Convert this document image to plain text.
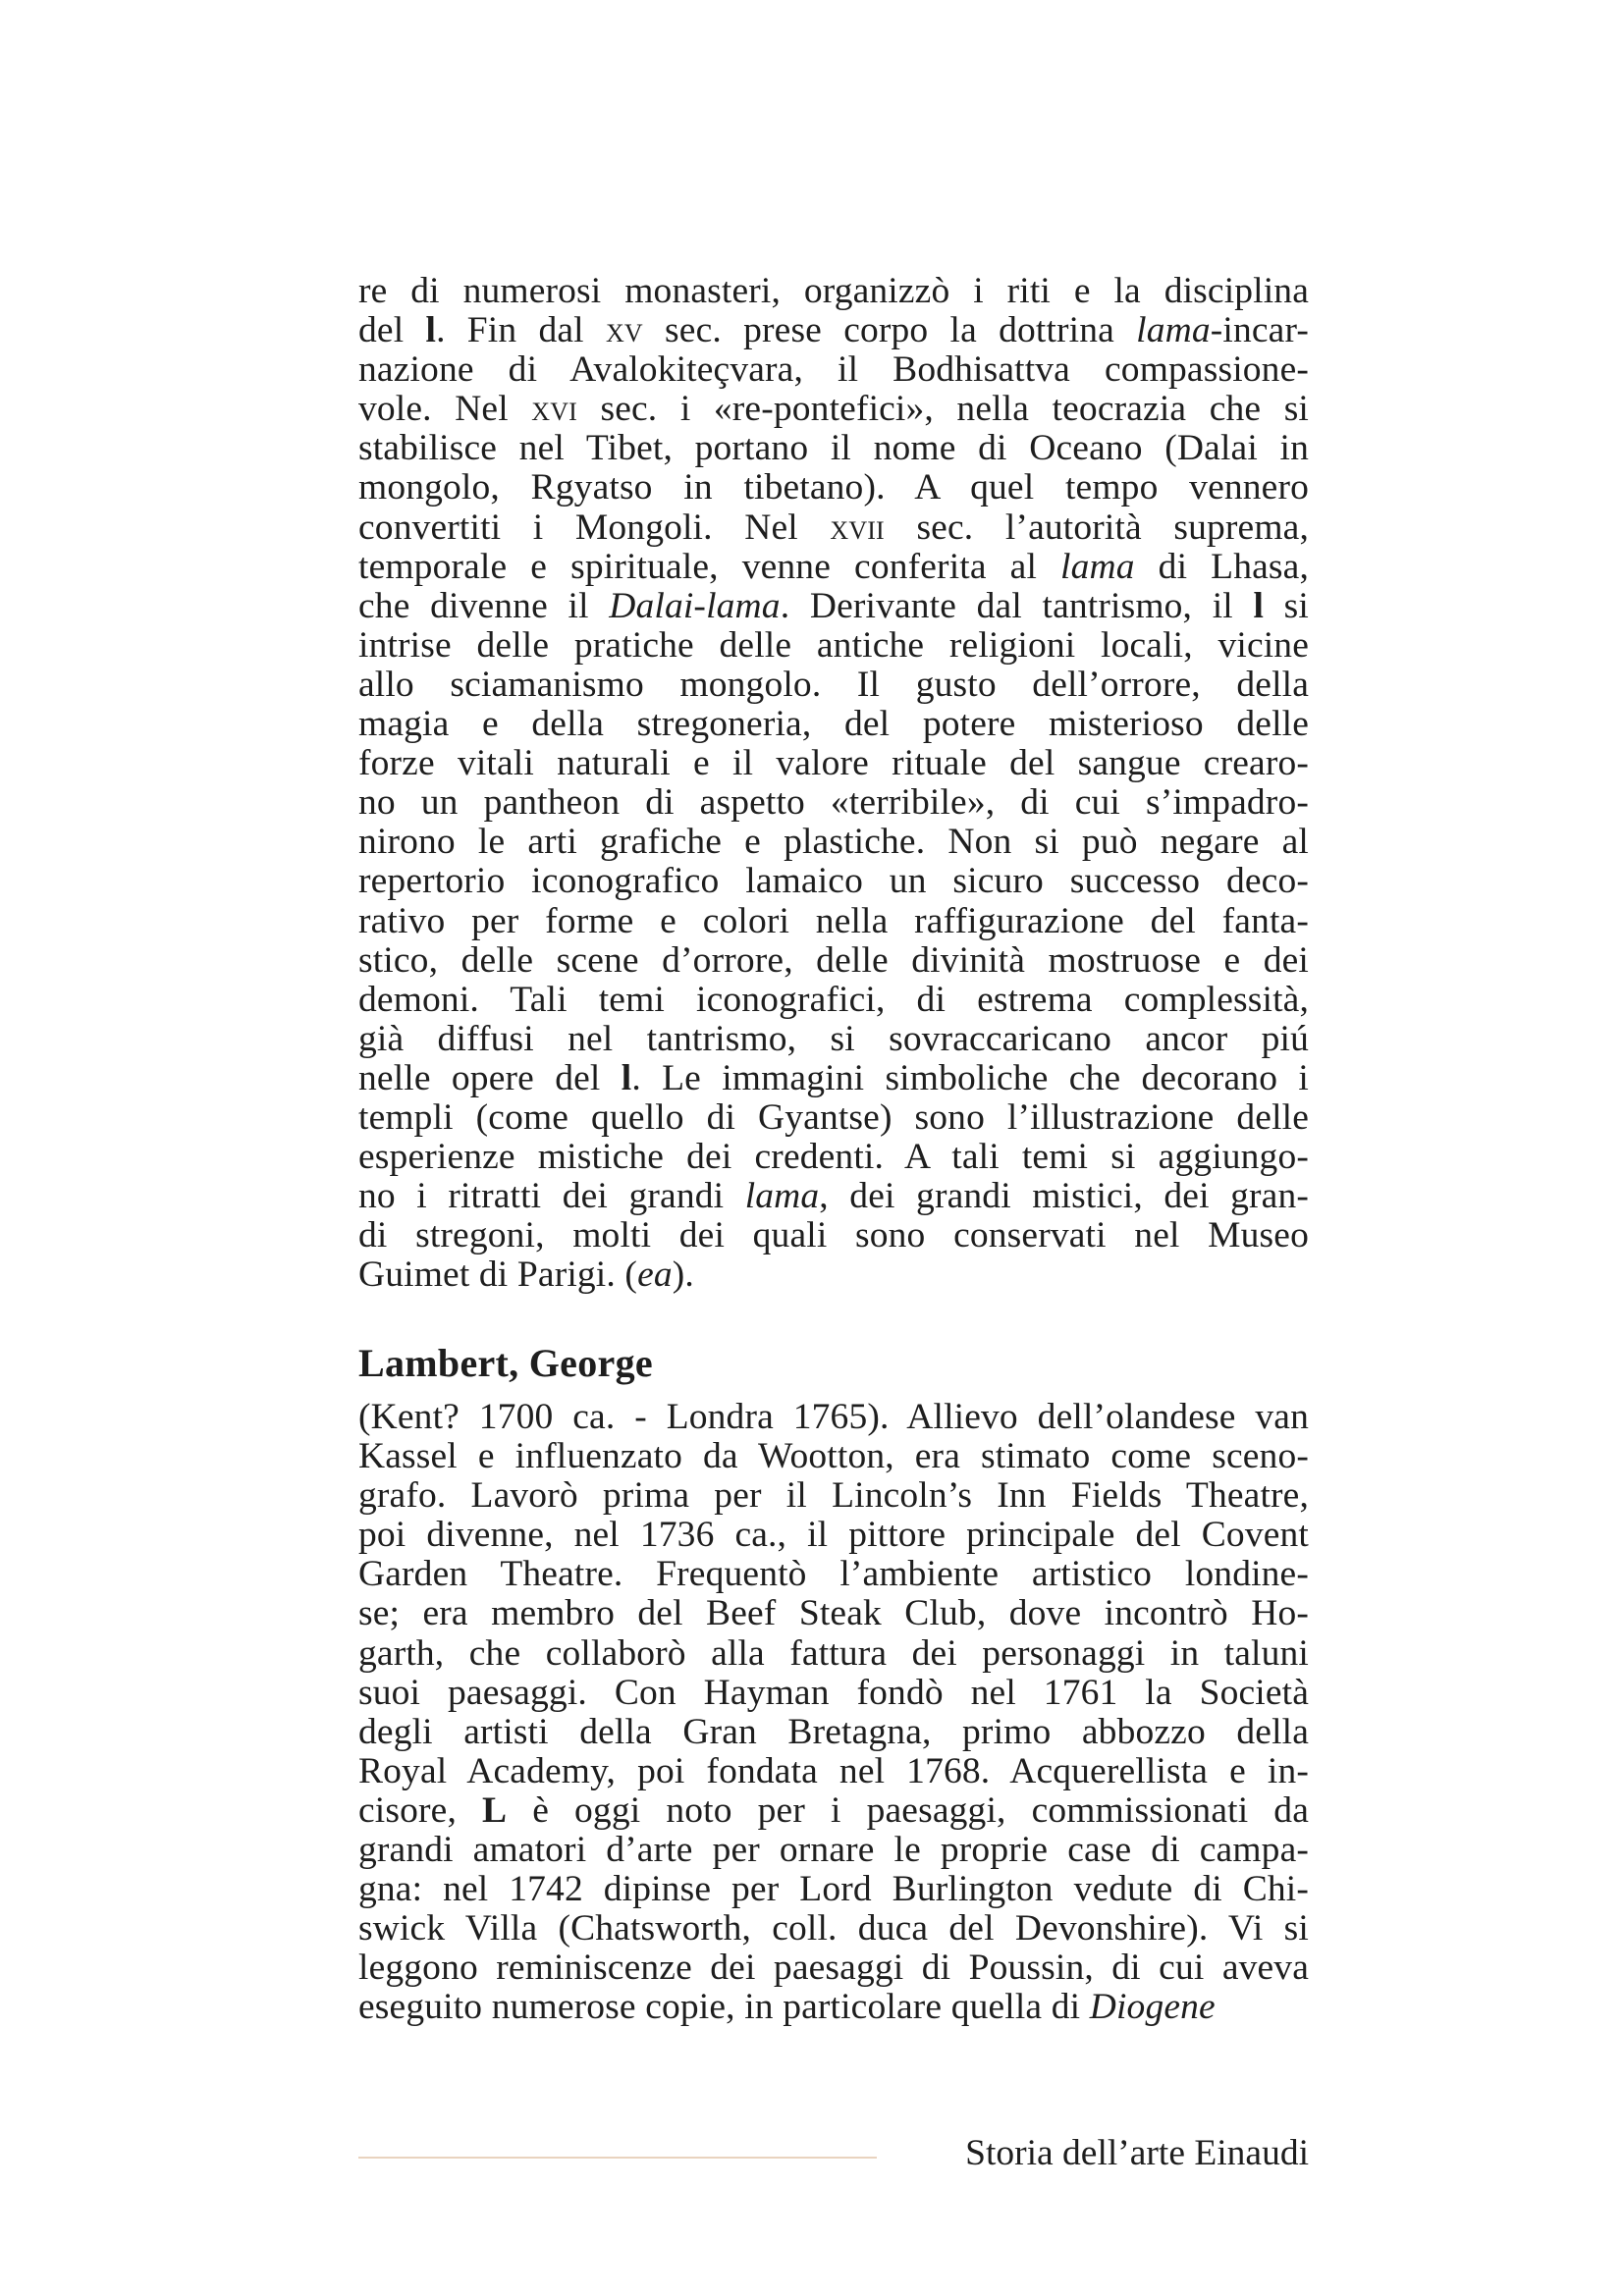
re di numerosi monasteri, organizzò i riti e la disciplina
del l. Fin dal xv sec. prese corpo la dottrina lama-incar-
nazione di Avalokiteçvara, il Bodhisattva compassione-
vole. Nel xvi sec. i «re-pontefici», nella teocrazia che si
stabilisce nel Tibet, portano il nome di Oceano (Dalai in
mongolo, Rgyatso in tibetano). A quel tempo vennero
convertiti i Mongoli. Nel xvii sec. l’autorità suprema,
temporale e spirituale, venne conferita al lama di Lhasa,
che divenne il Dalai-lama. Derivante dal tantrismo, il l si
intrise delle pratiche delle antiche religioni locali, vicine
allo sciamanismo mongolo. Il gusto dell’orrore, della
magia e della stregoneria, del potere misterioso delle
forze vitali naturali e il valore rituale del sangue crearo-
no un pantheon di aspetto «terribile», di cui s’impadro-
nirono le arti grafiche e plastiche. Non si può negare al
repertorio iconografico lamaico un sicuro successo deco-
rativo per forme e colori nella raffigurazione del fanta-
stico, delle scene d’orrore, delle divinità mostruose e dei
demoni. Tali temi iconografici, di estrema complessità,
già diffusi nel tantrismo, si sovraccaricano ancor piú
nelle opere del l. Le immagini simboliche che decorano i
templi (come quello di Gyantse) sono l’illustrazione delle
esperienze mistiche dei credenti. A tali temi si aggiungo-
no i ritratti dei grandi lama, dei grandi mistici, dei gran-
di stregoni, molti dei quali sono conservati nel Museo
Guimet di Parigi. (ea).

Lambert, George

(Kent? 1700 ca. - Londra 1765). Allievo dell’olandese van
Kassel e influenzato da Wootton, era stimato come sceno-
grafo. Lavorò prima per il Lincoln’s Inn Fields Theatre,
poi divenne, nel 1736 ca., il pittore principale del Covent
Garden Theatre. Frequentò l’ambiente artistico londine-
se; era membro del Beef Steak Club, dove incontrò Ho-
garth, che collaborò alla fattura dei personaggi in taluni
suoi paesaggi. Con Hayman fondò nel 1761 la Società
degli artisti della Gran Bretagna, primo abbozzo della
Royal Academy, poi fondata nel 1768. Acquerellista e in-
cisore, L è oggi noto per i paesaggi, commissionati da
grandi amatori d’arte per ornare le proprie case di campa-
gna: nel 1742 dipinse per Lord Burlington vedute di Chi-
swick Villa (Chatsworth, coll. duca del Devonshire). Vi si
leggono reminiscenze dei paesaggi di Poussin, di cui aveva
eseguito numerose copie, in particolare quella di Diogene

Storia dell’arte Einaudi
